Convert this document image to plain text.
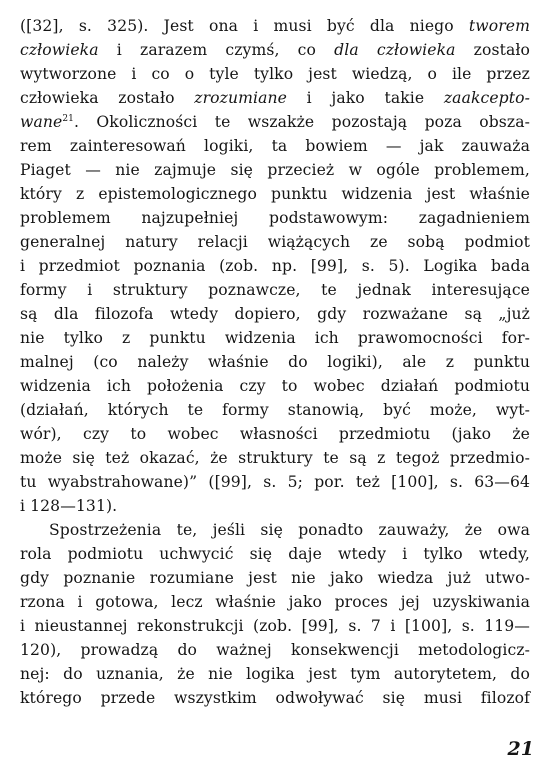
([32], s. 325). Jest ona i musi być dla niego tworem
człowieka i zarazem czymś, co dla człowieka zostało
wytworzone i co o tyle tylko jest wiedzą, o ile przez
człowieka zostało zrozumiane i jako takie zaakcepto-
wane$^{21}$. Okoliczności te wszakże pozostają poza obsza-
rem zainteresowań logiki, ta bowiem — jak zauważa
Piaget — nie zajmuje się przecież w ogóle problemem,
który z epistemologicznego punktu widzenia jest właśnie
problemem najzupełniej podstawowym: zagadnieniem
generalnej natury relacji wiążących ze sobą podmiot
i przedmiot poznania (zob. np. [99], s. 5). Logika bada
formy i struktury poznawcze, te jednak interesujące
są dla filozofa wtedy dopiero, gdy rozważane są „już
nie tylko z punktu widzenia ich prawomocności for-
malnej (co należy właśnie do logiki), ale z punktu
widzenia ich położenia czy to wobec działań podmiotu
(działań, których te formy stanowią, być może, wyt-
wór), czy to wobec własności przedmiotu (jako że
może się też okazać, że struktury te są z tegoż przedmio-
tu wyabstrahowane)” ([99], s. 5; por. też [100], s. 63—64
i 128—131).
Spostrzeżenia te, jeśli się ponadto zauważy, że owa
rola podmiotu uchwycić się daje wtedy i tylko wtedy,
gdy poznanie rozumiane jest nie jako wiedza już utwo-
rzona i gotowa, lecz właśnie jako proces jej uzyskiwania
i nieustannej rekonstrukcji (zob. [99], s. 7 i [100], s. 119—
120), prowadzą do ważnej konsekwencji metodologicz-
nej: do uznania, że nie logika jest tym autorytetem, do
którego przede wszystkim odwoływać się musi filozof
21
